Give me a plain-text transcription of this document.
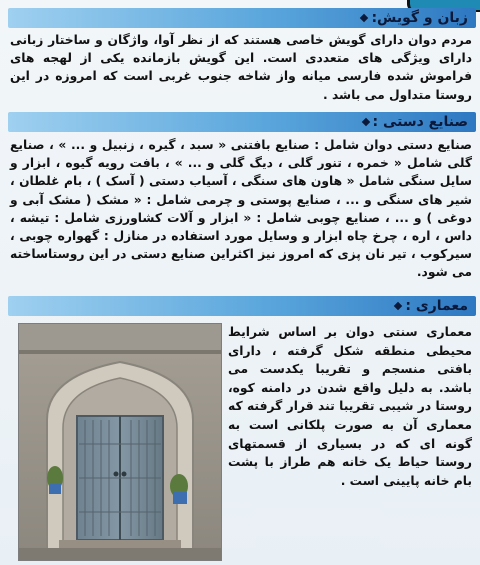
زبان و گویش:

مردم دوان دارای گویش خاصی هستند که از نظر آوا، واژگان و ساختار زبانی دارای ویژگی های متعددی است. این گویش بازمانده یکی از لهجه های فراموش شده فارسی میانه واز شاخه جنوب غربی است که امروزه در این روستا متداول می باشد .

صنایع دستی :

صنایع دستی دوان شامل : صنایع بافتنی « سبد ، گیره ، زنبیل و ... » ، صنایع گلی شامل « خمره ، تنور گلی ، دیگ گلی و ... » ، بافت رویه گیوه ، ابزار و سایل سنگی شامل « هاون های سنگی ، آسیاب دستی ( آسک ) ، بام غلطان ، شیر های سنگی و ... ، صنایع پوستی و چرمی شامل : « مشک ( مشک آبی و دوغی ) و ... ، صنایع چوبی شامل : « ابزار و آلات کشاورزی شامل : تیشه ، داس ، اره ، چرخ چاه ابزار و وسایل مورد استفاده در منازل : گهواره چوبی ، سیرکوب ، تیر نان پزی که امروز نیز اکثراین صنایع دستی در این روستاساخته می شود.

معماری :

معماری سنتی دوان بر اساس شرایط محیطی منطقه شکل گرفته ، دارای بافتی منسجم و تقریبا یکدست می باشد. به دلیل واقع شدن در دامنه کوه، روستا در شیبی تقریبا تند قرار گرفته که معماری آن به صورت پلکانی است به گونه ای که در بسیاری از قسمتهای روستا حیاط یک خانه هم طراز با پشت بام خانه پایینی است .
